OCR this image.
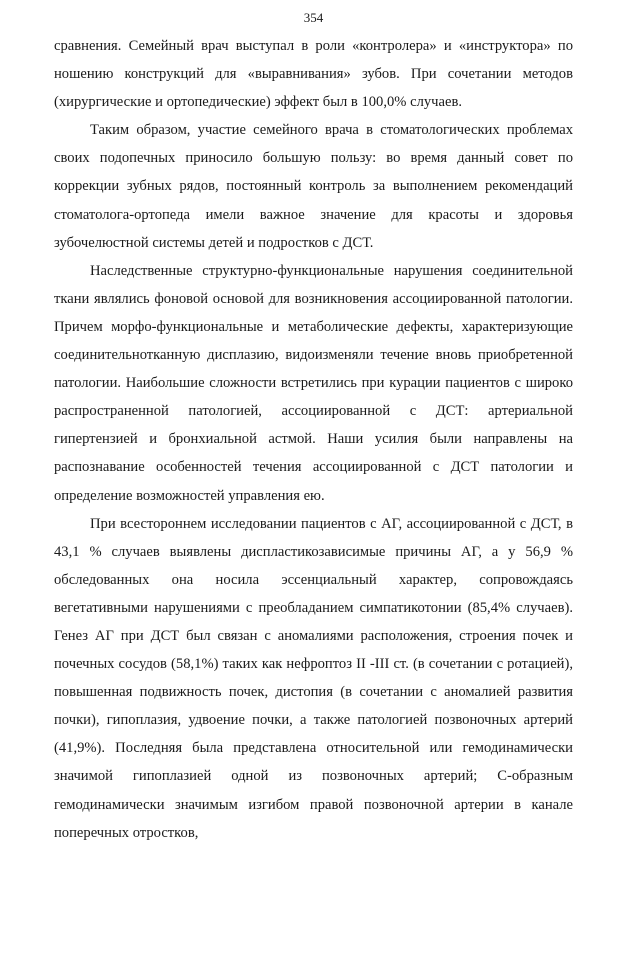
354

сравнения. Семейный врач выступал в роли «контролера» и «инструктора» по ношению конструкций для «выравнивания» зубов. При сочетании методов (хирургические и ортопедические) эффект был в 100,0% случаев.

Таким образом, участие семейного врача в стоматологических проблемах своих подопечных приносило большую пользу: во время данный совет по коррекции зубных рядов, постоянный контроль за выполнением рекомендаций стоматолога-ортопеда имели важное значение для красоты и здоровья зубочелюстной системы детей и подростков с ДСТ.

Наследственные структурно-функциональные нарушения соединительной ткани являлись фоновой основой для возникновения ассоциированной патологии. Причем морфо-функциональные и метаболические дефекты, характеризующие соединительнотканную дисплазию, видоизменяли течение вновь приобретенной патологии. Наибольшие сложности встретились при курации пациентов с широко распространенной патологией, ассоциированной с ДСТ: артериальной гипертензией и бронхиальной астмой. Наши усилия были направлены на распознавание особенностей течения ассоциированной с ДСТ патологии и определение возможностей управления ею.

При всестороннем исследовании пациентов с АГ, ассоциированной с ДСТ, в 43,1 % случаев выявлены диспластикозависимые причины АГ, а у 56,9 % обследованных она носила эссенциальный характер, сопровождаясь вегетативными нарушениями с преобладанием симпатикотонии (85,4% случаев). Генез АГ при ДСТ был связан с аномалиями расположения, строения почек и почечных сосудов (58,1%) таких как нефроптоз II -III ст. (в сочетании с ротацией), повышенная подвижность почек, дистопия (в сочетании с аномалией развития почки), гипоплазия, удвоение почки, а также патологией позвоночных артерий (41,9%). Последняя была представлена относительной или гемодинамически значимой гипоплазией одной из позвоночных артерий; С-образным гемодинамически значимым изгибом правой позвоночной артерии в канале поперечных отростков,
